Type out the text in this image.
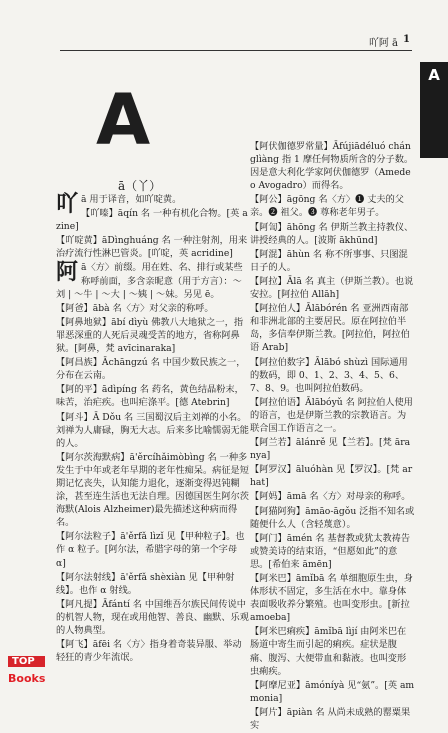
吖阿 ā 1
A
A
ā（丫）
吖ā 用于译音，如吖啶黄。
【吖嗪】āqín 名 一种有机化合物。[英 azine]
【吖啶黄】āDìnghuáng 名 一种注射剂，用来治疗流行性淋巴管炎。[吖啶，英 acridine]
阿ā〈方〉前缀。用在姓、名、排行或某些称呼前面，多含亲昵意（用于方言）：～刘 | ～牛 | ～大 | ～姨 | ～妹。另见 ē。
【阿爸】ābà 名〈方〉对父亲的称呼。
【阿鼻地狱】ābí dìyù 佛教八大地狱之一，指罪恶深重的人死后灵魂受苦的地方，省称阿鼻狱。[阿鼻，梵 avīcinaraka]
【阿昌族】Āchāngzú 名 中国少数民族之一，分布在云南。
【阿的平】ādìpíng 名 药名，黄色结晶粉末，味苦，治疟疾。也叫疟涤平。[德 Atebrin]
【阿斗】Ā Dǒu 名 三国蜀汉后主刘禅的小名。刘禅为人庸碌，胸无大志。后来多比喻懦弱无能的人。
【阿尔茨海默病】ā'ěrcíhǎimòbìng 名 一种多发生于中年或老年早期的老年性痴呆。病征是短期记忆丧失，认知能力退化，逐渐变得迟钝糊涂，甚至连生活也无法自理。因德国医生阿尔茨海默(Alois Alzheimer)最先描述这种病而得名。
【阿尔法粒子】ā'ěrfǎ lìzǐ 见【甲种粒子】。也作 α 粒子。[阿尔法，希腊字母的第一个字母 α]
【阿尔法射线】ā'ěrfǎ shèxiàn 见【甲种射线】。也作 α 射线。
【阿凡提】Āfántí 名 中国维吾尔族民间传说中的机智人物，现在或用他智、善良、幽默、乐观的人物典型。
【阿飞】āfēi 名〈方〉指身着奇装异服、举动轻狂的青少年流氓。
【阿伏伽德罗常量】Āfújiādéluó chánglìàng 指 1 摩任何物质所含的分子数。因是意大利化学家阿伏伽德罗（Amedeo Avogadro）而得名。
【阿公】āgōng 名〈方〉❶ 丈夫的父亲。❷ 祖父。❸ 尊称老年男子。
【阿訇】āhōng 名 伊斯兰教主持教仪、讲授经典的人。[波斯 ākhūnd]
【阿混】āhùn 名 称不所事事、只图混日子的人。
【阿拉】Ālā 名 真主（伊斯兰教）。也说安拉。[阿拉伯 Allāh]
【阿拉伯人】Ālābórén 名 亚洲西南部和非洲北部的主要居民。原在阿拉伯半岛，多信奉伊斯兰教。[阿拉伯，阿拉伯语 Arab]
【阿拉伯数字】Ālābó shùzì 国际通用的数码，即 0、1、2、3、4、5、6、7、8、9。也叫阿拉伯数码。
【阿拉伯语】Ālābóyǔ 名 阿拉伯人使用的语言，也是伊斯兰教的宗教语言。为联合国工作语言之一。
【阿兰若】ālánrě 见【兰若】。[梵 āranya]
【阿罗汉】āluóhàn 见【罗汉】。[梵 arhat]
【阿妈】āmā 名〈方〉对母亲的称呼。
【阿猫阿狗】āmāo-āgǒu 泛指不知名或随便什么人（含轻蔑意）。
【阿门】āmén 名 基督教或犹太教祷告或赞美诗的结束语，“但愿如此”的意思。[希伯来 āmēn]
【阿米巴】āmǐbā 名 单细胞原生虫，身体形状不固定，多生活在水中。靠身体表面吸收养分繁殖。也叫变形虫。[新拉 amoeba]
【阿米巴痢疾】āmǐbā lìjí 由阿米巴在肠道中寄生而引起的痢疾。症状是腹痛、腹泻、大便带血和黏液。也叫变形虫痢疾。
【阿摩尼亚】āmóníyà 见“氨”。[英 ammonia]
【阿片】āpiàn 名 从尚未成熟的罂粟果实
TOP
Books
